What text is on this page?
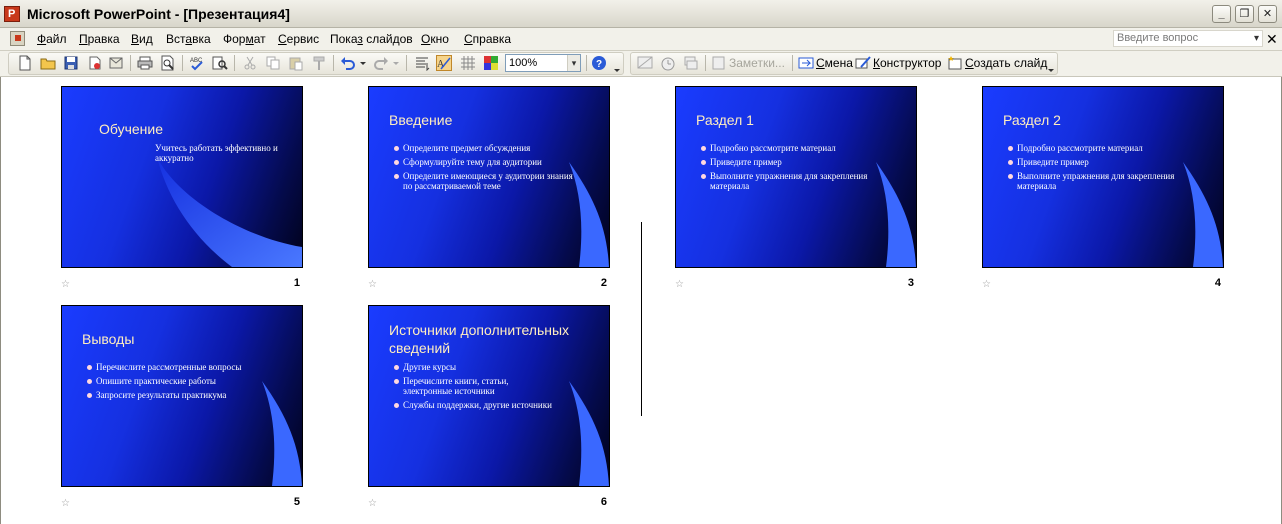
P
Microsoft PowerPoint - [Презентация4]	_	❐	✕
Файл Правка Вид Вставка Формат Сервис Показ слайдов Окно Справка	Введите вопрос ▾	✕
ABC	A	100% ▾	?	Заметки...	Смена Конструктор Создать слайд
Обучение
Учитесь работать эффективно и аккуратно
☆	1
Введение
Определите предмет обсуждения
Сформулируйте тему для аудитории
Определите имеющиеся у аудитории знания по рассматриваемой теме
☆	2
Раздел 1
Подробно рассмотрите материал
Приведите пример
Выполните упражнения для закрепления материала
☆	3
Раздел 2
Подробно рассмотрите материал
Приведите пример
Выполните упражнения для закрепления материала
☆	4
Выводы
Перечислите рассмотренные вопросы
Опишите практические работы
Запросите результаты практикума
☆	5
Источники дополнительных сведений
Другие курсы
Перечислите книги, статьи, электронные источники
Службы поддержки, другие источники
☆	6
